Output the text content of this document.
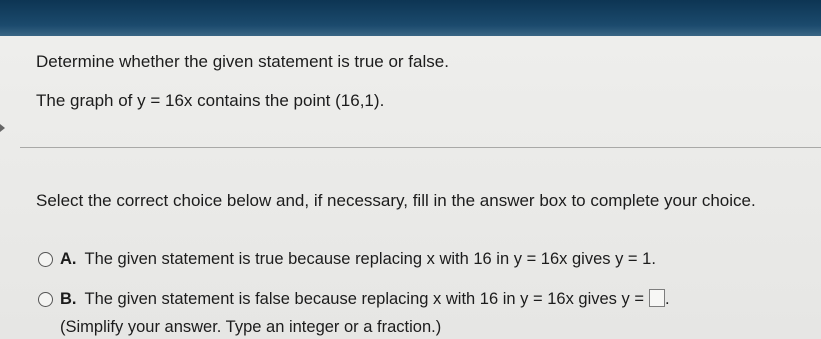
Determine whether the given statement is true or false.
The graph of y = 16x contains the point (16,1).
Select the correct choice below and, if necessary, fill in the answer box to complete your choice.
A. The given statement is true because replacing x with 16 in y = 16x gives y = 1.
B. The given statement is false because replacing x with 16 in y = 16x gives y = .
(Simplify your answer. Type an integer or a fraction.)
